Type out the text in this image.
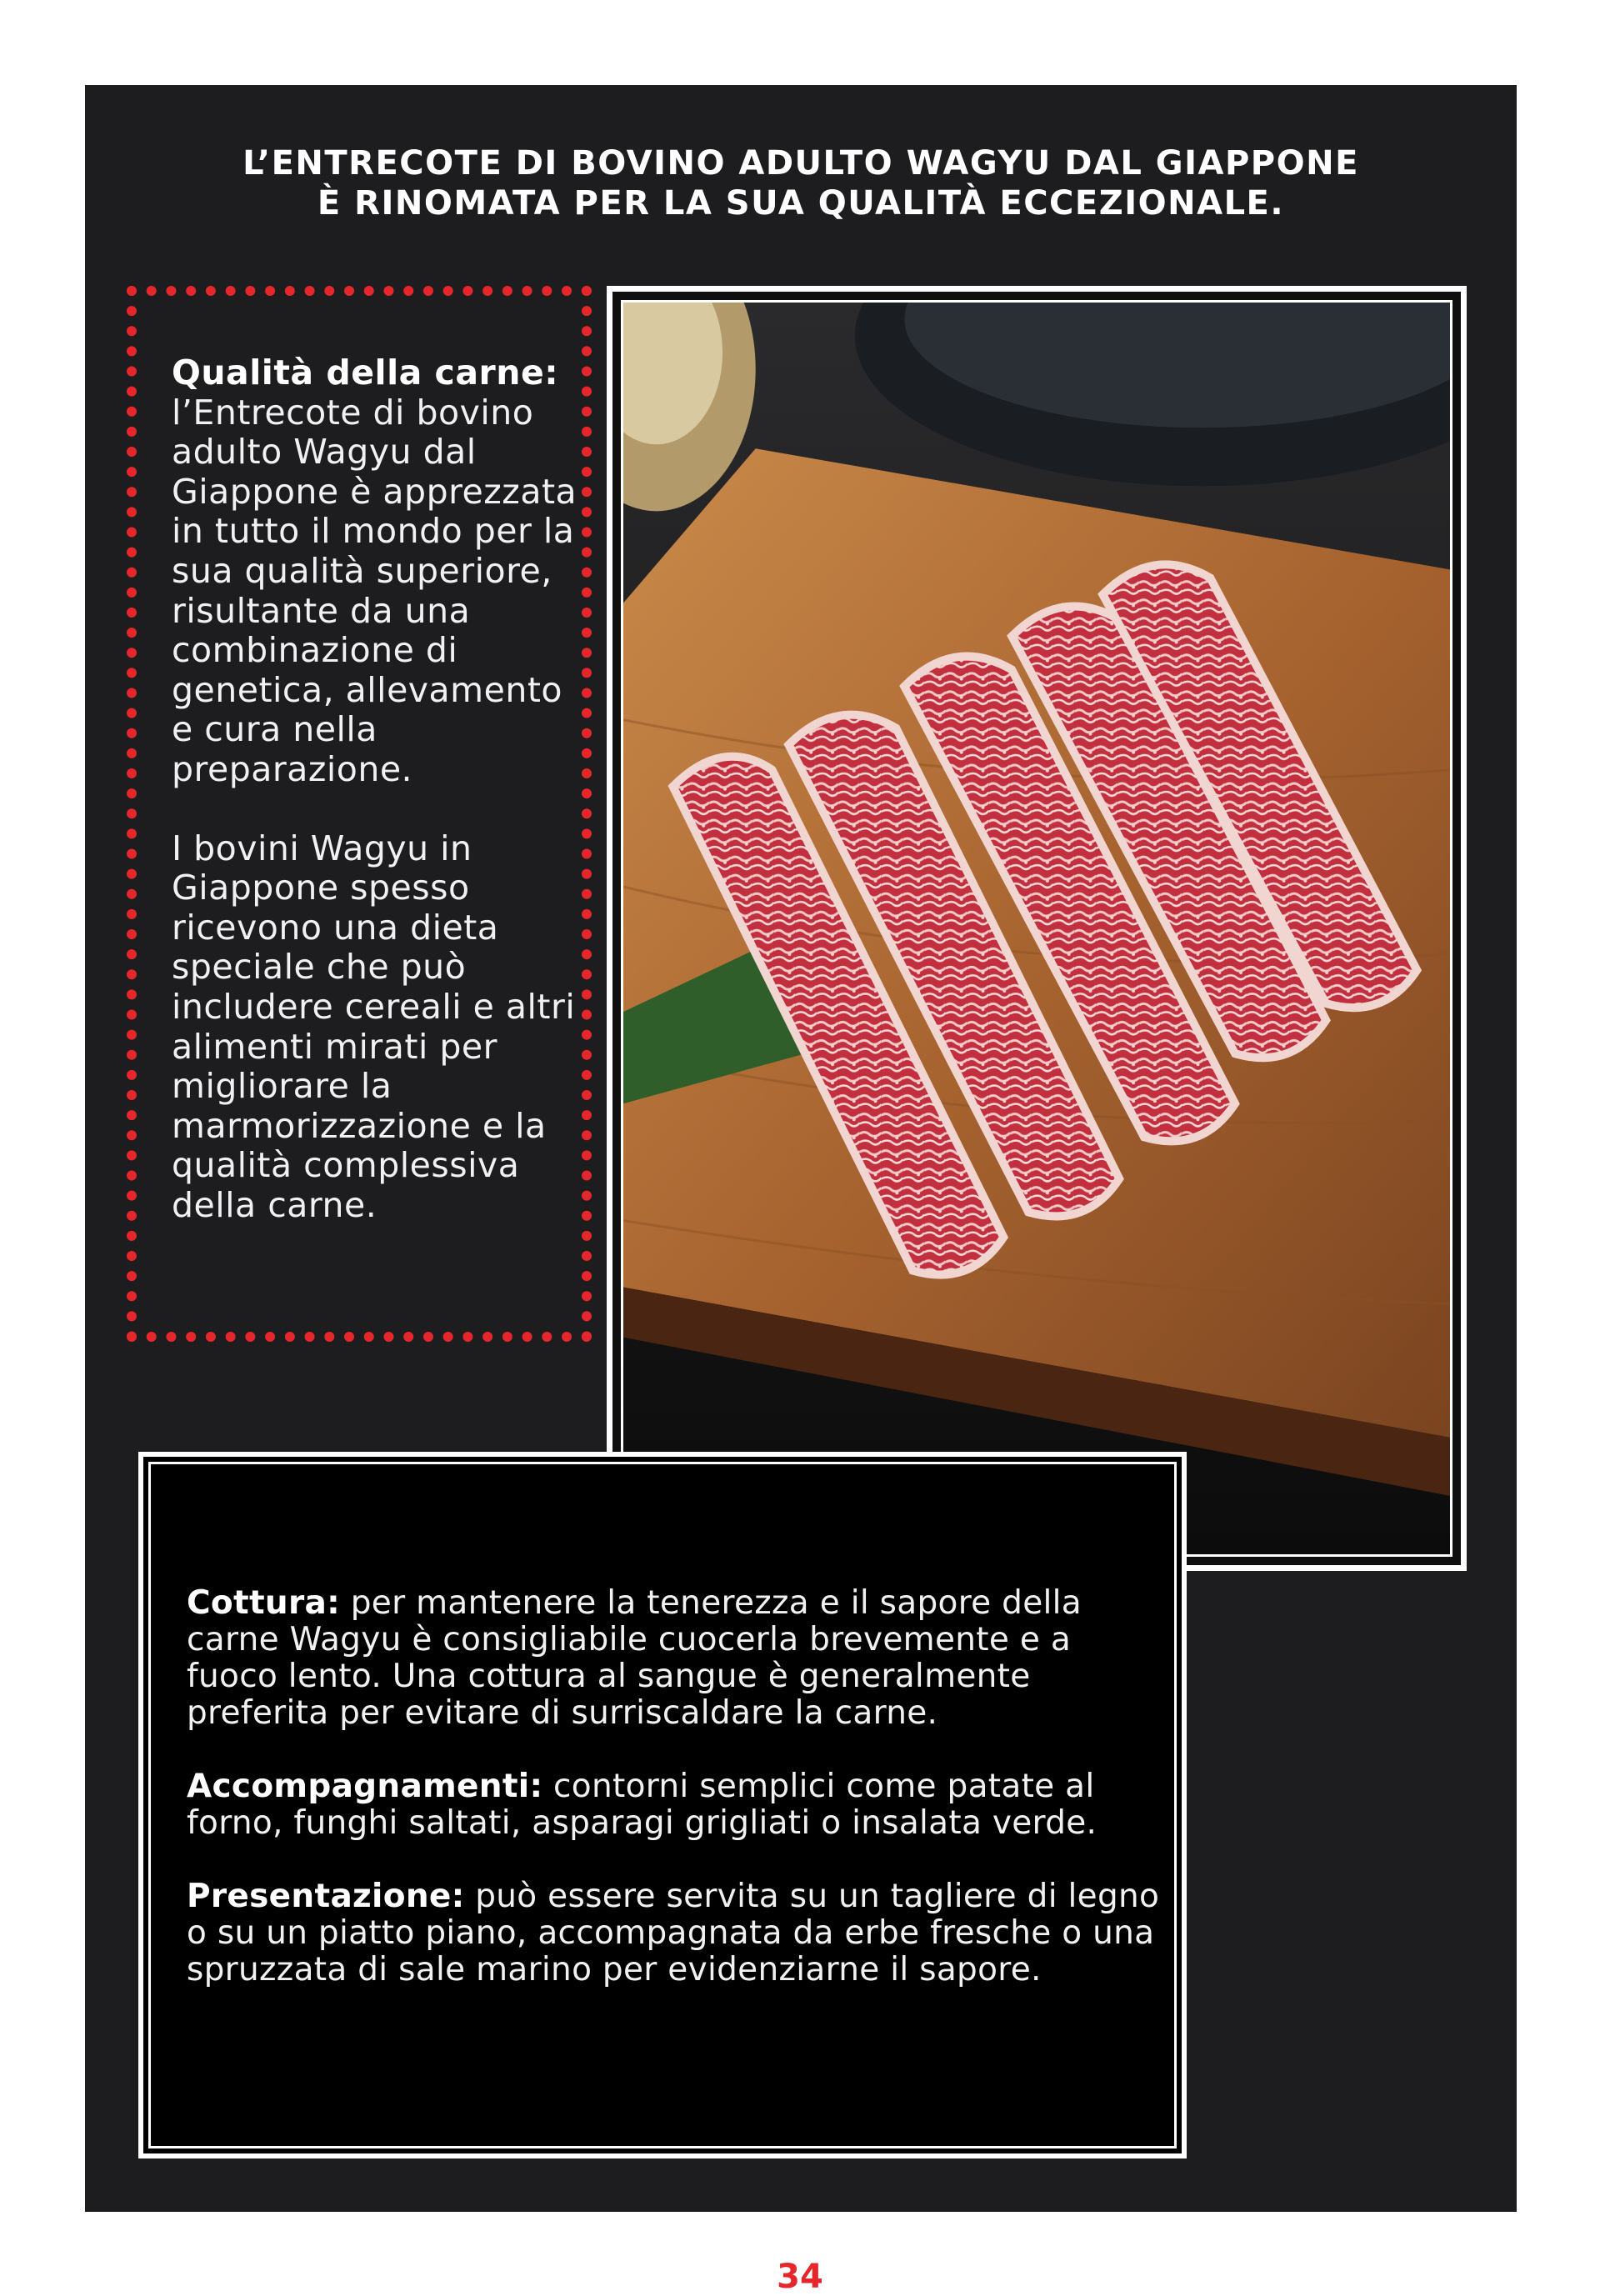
L’ENTRECOTE DI BOVINO ADULTO WAGYU DAL GIAPPONE
È RINOMATA PER LA SUA QUALITÀ ECCEZIONALE.

Qualità della carne: l’Entrecote di bovino adulto Wagyu dal Giappone è apprezzata in tutto il mondo per la sua qualità superiore, risultante da una combinazione di genetica, allevamento e cura nella preparazione.

I bovini Wagyu in Giappone spesso ricevono una dieta speciale che può includere cereali e altri alimenti mirati per migliorare la marmorizzazione e la qualità complessiva della carne.

Cottura: per mantenere la tenerezza e il sapore della carne Wagyu è consigliabile cuocerla brevemente e a fuoco lento. Una cottura al sangue è generalmente preferita per evitare di surriscaldare la carne.

Accompagnamenti: contorni semplici come patate al forno, funghi saltati, asparagi grigliati o insalata verde.

Presentazione: può essere servita su un tagliere di legno o su un piatto piano, accompagnata da erbe fresche o una spruzzata di sale marino per evidenziarne il sapore.

34
